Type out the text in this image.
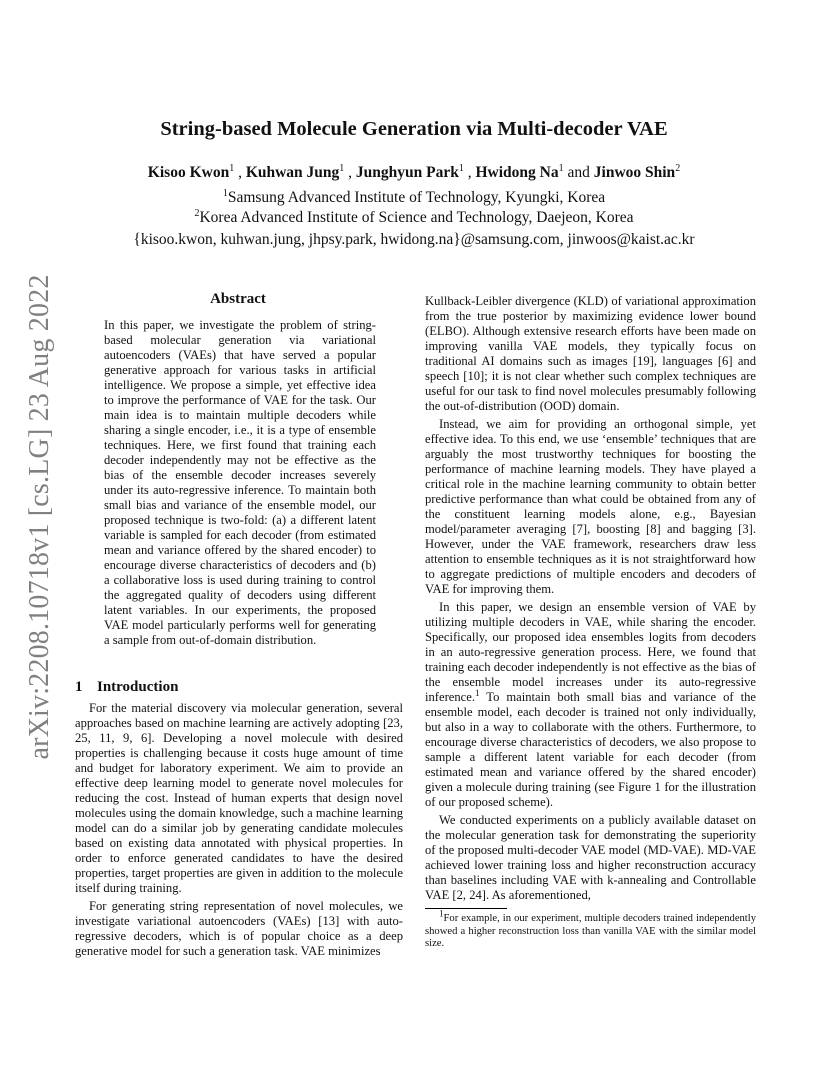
arXiv:2208.10718v1 [cs.LG] 23 Aug 2022
String-based Molecule Generation via Multi-decoder VAE
Kisoo Kwon$^1$ , Kuhwan Jung$^1$ , Junghyun Park$^1$ , Hwidong Na$^1$ and Jinwoo Shin$^2$
$^1$Samsung Advanced Institute of Technology, Kyungki, Korea
$^2$Korea Advanced Institute of Science and Technology, Daejeon, Korea
{kisoo.kwon, kuhwan.jung, jhpsy.park, hwidong.na}@samsung.com, jinwoos@kaist.ac.kr
Abstract
In this paper, we investigate the problem of string-based molecular generation via variational autoencoders (VAEs) that have served a popular generative approach for various tasks in artificial intelligence. We propose a simple, yet effective idea to improve the performance of VAE for the task. Our main idea is to maintain multiple decoders while sharing a single encoder, i.e., it is a type of ensemble techniques. Here, we first found that training each decoder independently may not be effective as the bias of the ensemble decoder increases severely under its auto-regressive inference. To maintain both small bias and variance of the ensemble model, our proposed technique is two-fold: (a) a different latent variable is sampled for each decoder (from estimated mean and variance offered by the shared encoder) to encourage diverse characteristics of decoders and (b) a collaborative loss is used during training to control the aggregated quality of decoders using different latent variables. In our experiments, the proposed VAE model particularly performs well for generating a sample from out-of-domain distribution.
1 Introduction

For the material discovery via molecular generation, several approaches based on machine learning are actively adopting [23, 25, 11, 9, 6]. Developing a novel molecule with desired properties is challenging because it costs huge amount of time and budget for laboratory experiment. We aim to provide an effective deep learning model to generate novel molecules for reducing the cost. Instead of human experts that design novel molecules using the domain knowledge, such a machine learning model can do a similar job by generating candidate molecules based on existing data annotated with physical properties. In order to enforce generated candidates to have the desired properties, target properties are given in addition to the molecule itself during training.

For generating string representation of novel molecules, we investigate variational autoencoders (VAEs) [13] with auto-regressive decoders, which is of popular choice as a deep generative model for such a generation task. VAE minimizes

Kullback-Leibler divergence (KLD) of variational approximation from the true posterior by maximizing evidence lower bound (ELBO). Although extensive research efforts have been made on improving vanilla VAE models, they typically focus on traditional AI domains such as images [19], languages [6] and speech [10]; it is not clear whether such complex techniques are useful for our task to find novel molecules presumably following the out-of-distribution (OOD) domain.

Instead, we aim for providing an orthogonal simple, yet effective idea. To this end, we use ‘ensemble’ techniques that are arguably the most trustworthy techniques for boosting the performance of machine learning models. They have played a critical role in the machine learning community to obtain better predictive performance than what could be obtained from any of the constituent learning models alone, e.g., Bayesian model/parameter averaging [7], boosting [8] and bagging [3]. However, under the VAE framework, researchers draw less attention to ensemble techniques as it is not straightforward how to aggregate predictions of multiple encoders and decoders of VAE for improving them.

In this paper, we design an ensemble version of VAE by utilizing multiple decoders in VAE, while sharing the encoder. Specifically, our proposed idea ensembles logits from decoders in an auto-regressive generation process. Here, we found that training each decoder independently is not effective as the bias of the ensemble model increases under its auto-regressive inference.$^1$ To maintain both small bias and variance of the ensemble model, each decoder is trained not only individually, but also in a way to collaborate with the others. Furthermore, to encourage diverse characteristics of decoders, we also propose to sample a different latent variable for each decoder (from estimated mean and variance offered by the shared encoder) given a molecule during training (see Figure 1 for the illustration of our proposed scheme).

We conducted experiments on a publicly available dataset on the molecular generation task for demonstrating the superiority of the proposed multi-decoder VAE model (MD-VAE). MD-VAE achieved lower training loss and higher reconstruction accuracy than baselines including VAE with k-annealing and Controllable VAE [2, 24]. As aforementioned,

$^1$For example, in our experiment, multiple decoders trained independently showed a higher reconstruction loss than vanilla VAE with the similar model size.
